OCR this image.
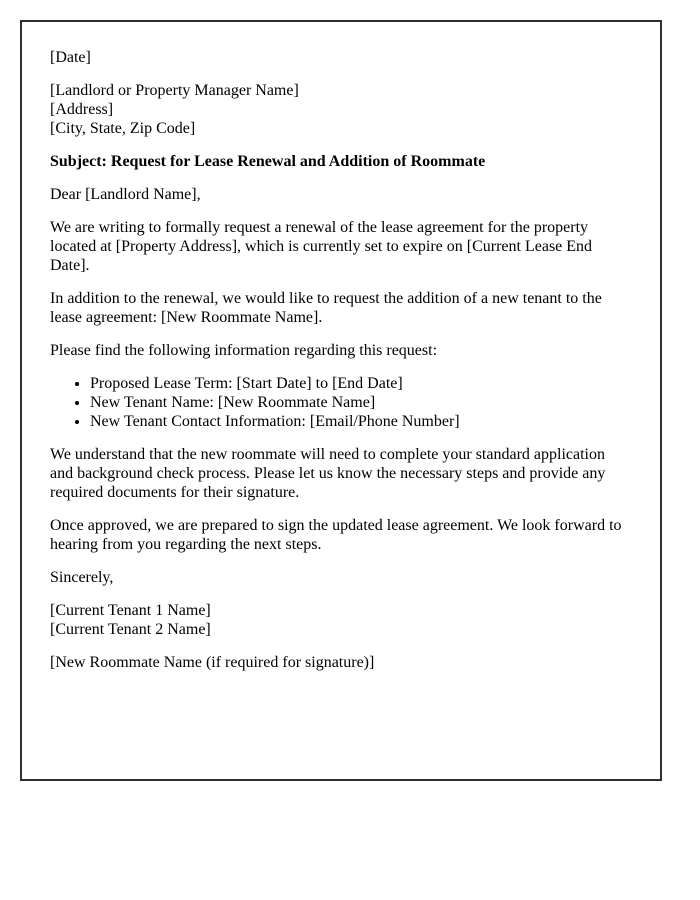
[Date]

[Landlord or Property Manager Name]
[Address]
[City, State, Zip Code]

Subject: Request for Lease Renewal and Addition of Roommate

Dear [Landlord Name],

We are writing to formally request a renewal of the lease agreement for the property located at [Property Address], which is currently set to expire on [Current Lease End Date].

In addition to the renewal, we would like to request the addition of a new tenant to the lease agreement: [New Roommate Name].

Please find the following information regarding this request:

• Proposed Lease Term: [Start Date] to [End Date]
• New Tenant Name: [New Roommate Name]
• New Tenant Contact Information: [Email/Phone Number]

We understand that the new roommate will need to complete your standard application and background check process. Please let us know the necessary steps and provide any required documents for their signature.

Once approved, we are prepared to sign the updated lease agreement. We look forward to hearing from you regarding the next steps.

Sincerely,

[Current Tenant 1 Name]
[Current Tenant 2 Name]

[New Roommate Name (if required for signature)]
